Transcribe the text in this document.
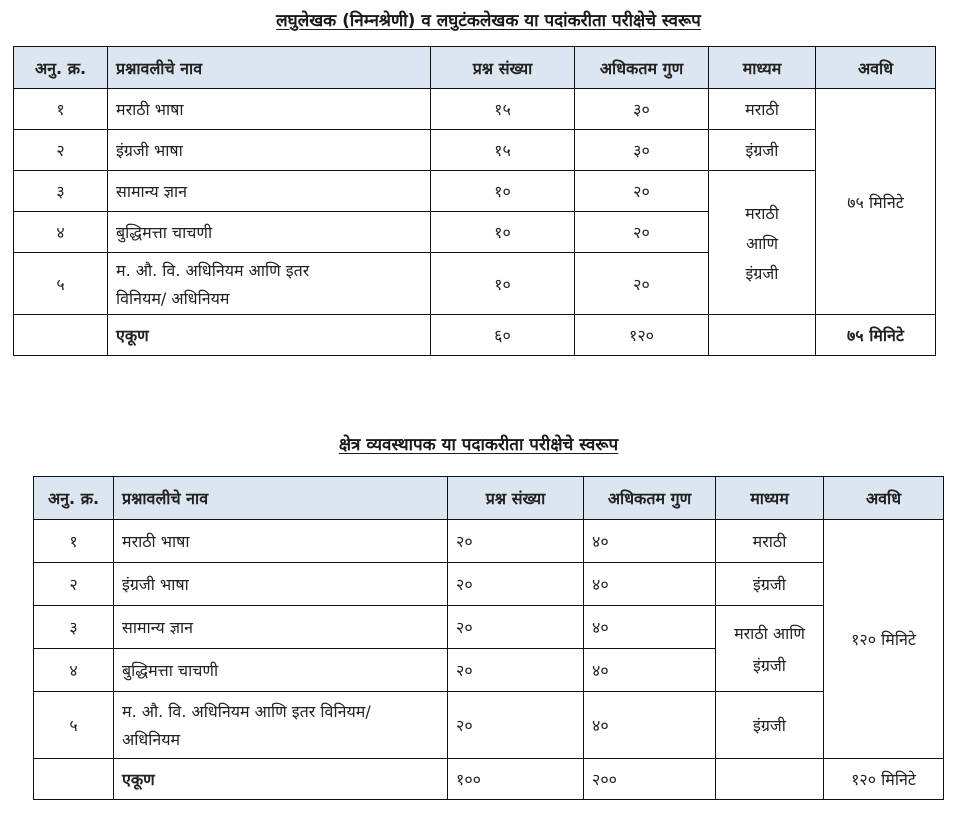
लघुलेखक (निम्नश्रेणी) व लघुटंकलेखक या पदांकरीता परीक्षेचे स्वरूप
अनु. क्र.	प्रश्नावलीचे नाव	प्रश्न संख्या	अधिकतम गुण	माध्यम	अवधि
१	मराठी भाषा	१५	३०	मराठी	७५ मिनिटे
२	इंग्रजी भाषा	१५	३०	इंग्रजी	
३	सामान्य ज्ञान	१०	२०	मराठी
आणि
इंग्रजी	

४	बुद्धिमत्ता चाचणी	१०	२०		
५	म. औ. वि. अधिनियम आणि इतर
विनियम/ अधिनियम	१०	२०		
	एकूण	६०	१२०		७५ मिनिटे
क्षेत्र व्यवस्थापक या पदाकरीता परीक्षेचे स्वरूप
अनु. क्र.	प्रश्नावलीचे नाव	प्रश्न संख्या	अधिकतम गुण	माध्यम	अवधि
१	मराठी भाषा	२०	४०	मराठी	१२० मिनिटे
२	इंग्रजी भाषा	२०	४०	इंग्रजी	
३	सामान्य ज्ञान	२०	४०	मराठी आणि
इंग्रजी	

४	बुद्धिमत्ता चाचणी	२०	४०		
५	म. औ. वि. अधिनियम आणि इतर विनियम/
अधिनियम	२०	४०	इंग्रजी	
	एकूण	१००	२००		१२० मिनिटे
